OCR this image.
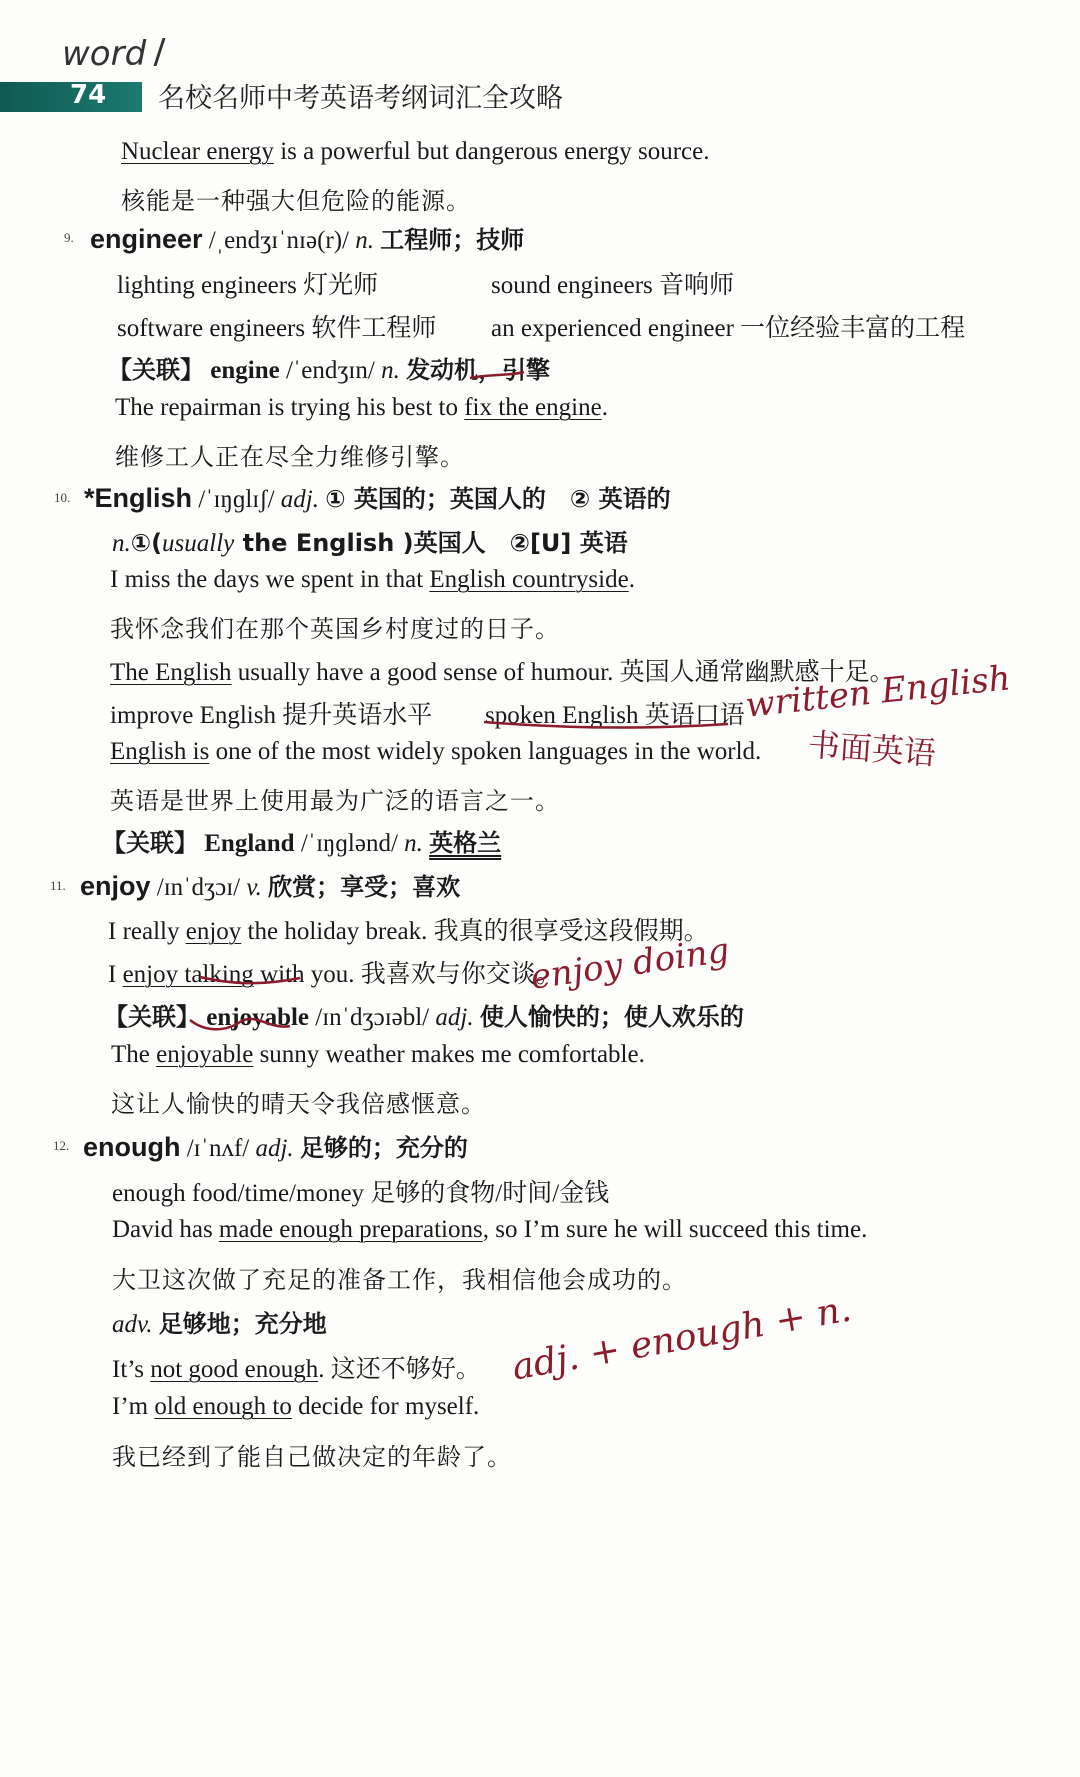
word
74 名校名师中考英语考纲词汇全攻略
Nuclear energy is a powerful but dangerous energy source.
核能是一种强大但危险的能源。
9. engineer /ˌendʒɪˈnɪə(r)/ n. 工程师；技师
lighting engineers 灯光师	sound engineers 音响师
software engineers 软件工程师 an experienced engineer 一位经验丰富的工程
【关联】 engine /ˈendʒɪn/ n. 发动机，引擎
The repairman is trying his best to fix the engine.
维修工人正在尽全力维修引擎。
10. *English /ˈɪŋɡlɪʃ/ adj. ① 英国的；英国人的　② 英语的
n.①(usually the English )英国人　②[U] 英语
I miss the days we spent in that English countryside.
我怀念我们在那个英国乡村度过的日子。
The English usually have a good sense of humour. 英国人通常幽默感十足。
improve English 提升英语水平 spoken English 英语口语
English is one of the most widely spoken languages in the world.
英语是世界上使用最为广泛的语言之一。
【关联】 England /ˈɪŋɡlənd/ n. 英格兰
11. enjoy /ɪnˈdʒɔɪ/ v. 欣赏；享受；喜欢
I really enjoy the holiday break. 我真的很享受这段假期。
I enjoy talking with you. 我喜欢与你交谈。
【关联】 enjoyable /ɪnˈdʒɔɪəbl/ adj. 使人愉快的；使人欢乐的
The enjoyable sunny weather makes me comfortable.
这让人愉快的晴天令我倍感惬意。
12. enough /ɪˈnʌf/ adj. 足够的；充分的
enough food/time/money 足够的食物/时间/金钱
David has made enough preparations, so I’m sure he will succeed this time.
大卫这次做了充足的准备工作，我相信他会成功的。
adv. 足够地；充分地
It’s not good enough. 这还不够好。
I’m old enough to decide for myself.
我已经到了能自己做决定的年龄了。
written English
书面英语
enjoy doing
adj. + enough + n.
